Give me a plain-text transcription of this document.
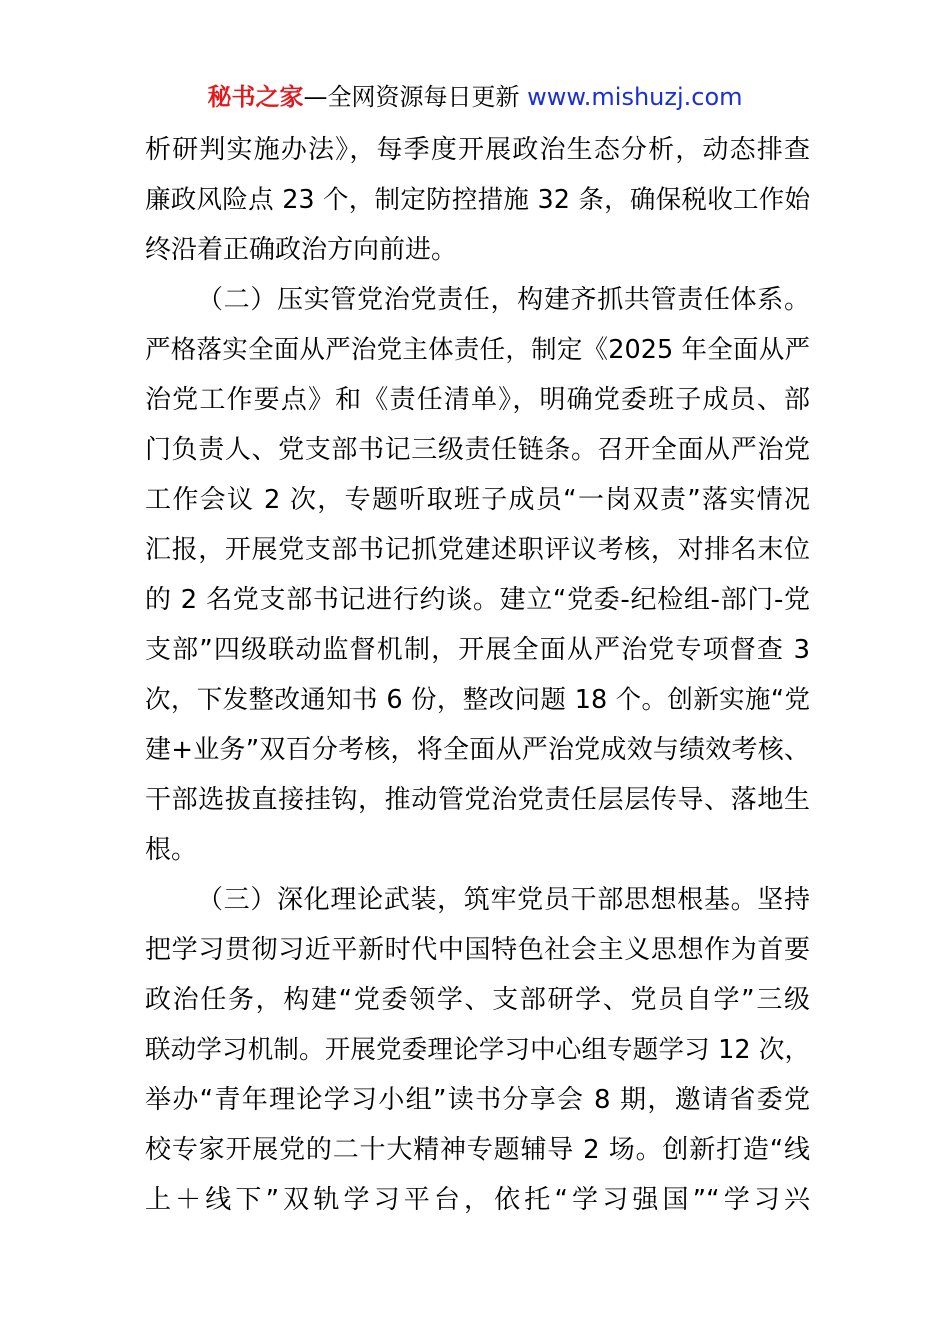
秘书之家—全网资源每日更新 www.mishuzj.com
析研判实施办法》，每季度开展政治生态分析，动态排查
廉政风险点 23 个，制定防控措施 32 条，确保税收工作始
终沿着正确政治方向前进。
（二）压实管党治党责任，构建齐抓共管责任体系。
严格落实全面从严治党主体责任，制定《2025 年全面从严
治党工作要点》和《责任清单》，明确党委班子成员、部
门负责人、党支部书记三级责任链条。召开全面从严治党
工作会议 2 次，专题听取班子成员“一岗双责”落实情况
汇报，开展党支部书记抓党建述职评议考核，对排名末位
的 2 名党支部书记进行约谈。建立“党委-纪检组-部门-党
支部”四级联动监督机制，开展全面从严治党专项督查 3
次，下发整改通知书 6 份，整改问题 18 个。创新实施“党
建+业务”双百分考核，将全面从严治党成效与绩效考核、
干部选拔直接挂钩，推动管党治党责任层层传导、落地生
根。
（三）深化理论武装，筑牢党员干部思想根基。坚持
把学习贯彻习近平新时代中国特色社会主义思想作为首要
政治任务，构建“党委领学、支部研学、党员自学”三级
联动学习机制。开展党委理论学习中心组专题学习 12 次，
举办“青年理论学习小组”读书分享会 8 期，邀请省委党
校专家开展党的二十大精神专题辅导 2 场。创新打造“线
上＋线下”双轨学习平台，依托“学习强国”“学习兴
